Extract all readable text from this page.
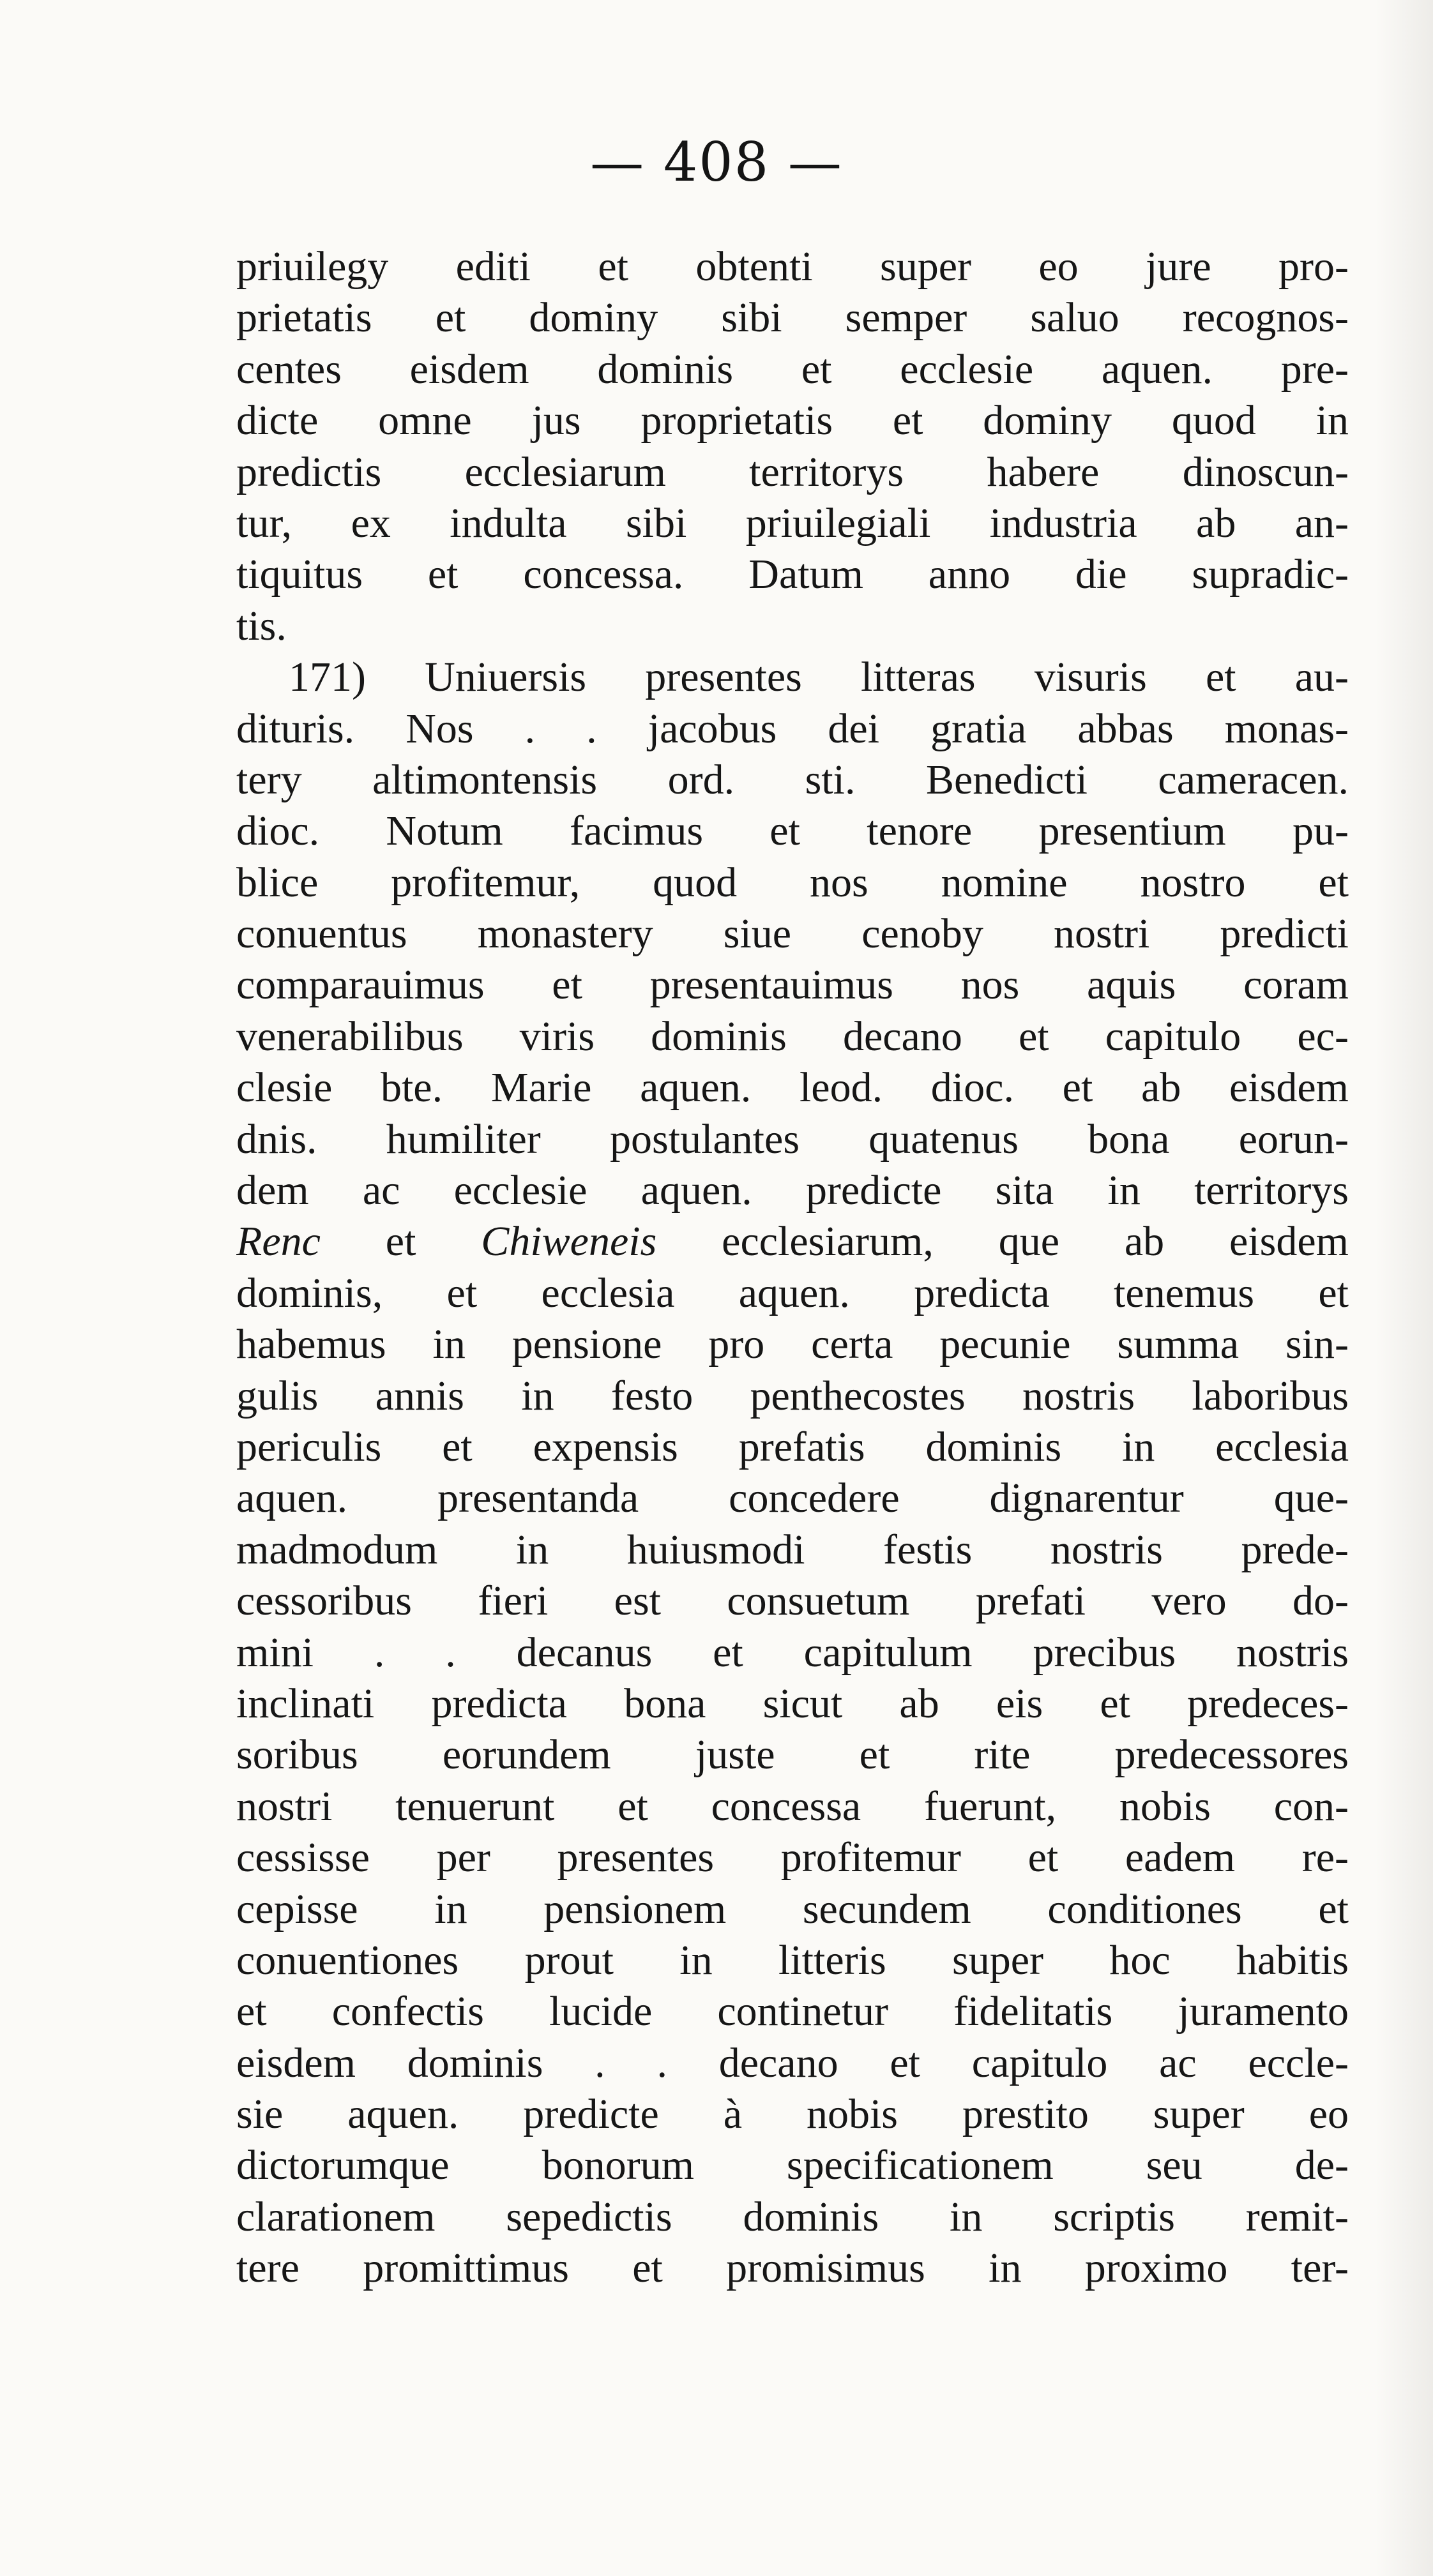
— 408 —
priuilegy editi et obtenti super eo jure pro-
prietatis et dominy sibi semper saluo recognos-
centes eisdem dominis et ecclesie aquen. pre-
dicte omne jus proprietatis et dominy quod in
predictis ecclesiarum territorys habere dinoscun-
tur, ex indulta sibi priuilegiali industria ab an-
tiquitus et concessa. Datum anno die supradic-
tis.
171) Uniuersis presentes litteras visuris et au-
dituris. Nos . . jacobus dei gratia abbas monas-
tery altimontensis ord. sti. Benedicti cameracen.
dioc. Notum facimus et tenore presentium pu-
blice profitemur, quod nos nomine nostro et
conuentus monastery siue cenoby nostri predicti
comparauimus et presentauimus nos aquis coram
venerabilibus viris dominis decano et capitulo ec-
clesie bte. Marie aquen. leod. dioc. et ab eisdem
dnis. humiliter postulantes quatenus bona eorun-
dem ac ecclesie aquen. predicte sita in territorys
Renc et Chiweneis ecclesiarum, que ab eisdem
dominis, et ecclesia aquen. predicta tenemus et
habemus in pensione pro certa pecunie summa sin-
gulis annis in festo penthecostes nostris laboribus
periculis et expensis prefatis dominis in ecclesia
aquen. presentanda concedere dignarentur que-
madmodum in huiusmodi festis nostris prede-
cessoribus fieri est consuetum prefati vero do-
mini . . decanus et capitulum precibus nostris
inclinati predicta bona sicut ab eis et predeces-
soribus eorundem juste et rite predecessores
nostri tenuerunt et concessa fuerunt, nobis con-
cessisse per presentes profitemur et eadem re-
cepisse in pensionem secundem conditiones et
conuentiones prout in litteris super hoc habitis
et confectis lucide continetur fidelitatis juramento
eisdem dominis . . decano et capitulo ac eccle-
sie aquen. predicte à nobis prestito super eo
dictorumque bonorum specificationem seu de-
clarationem sepedictis dominis in scriptis remit-
tere promittimus et promisimus in proximo ter-
